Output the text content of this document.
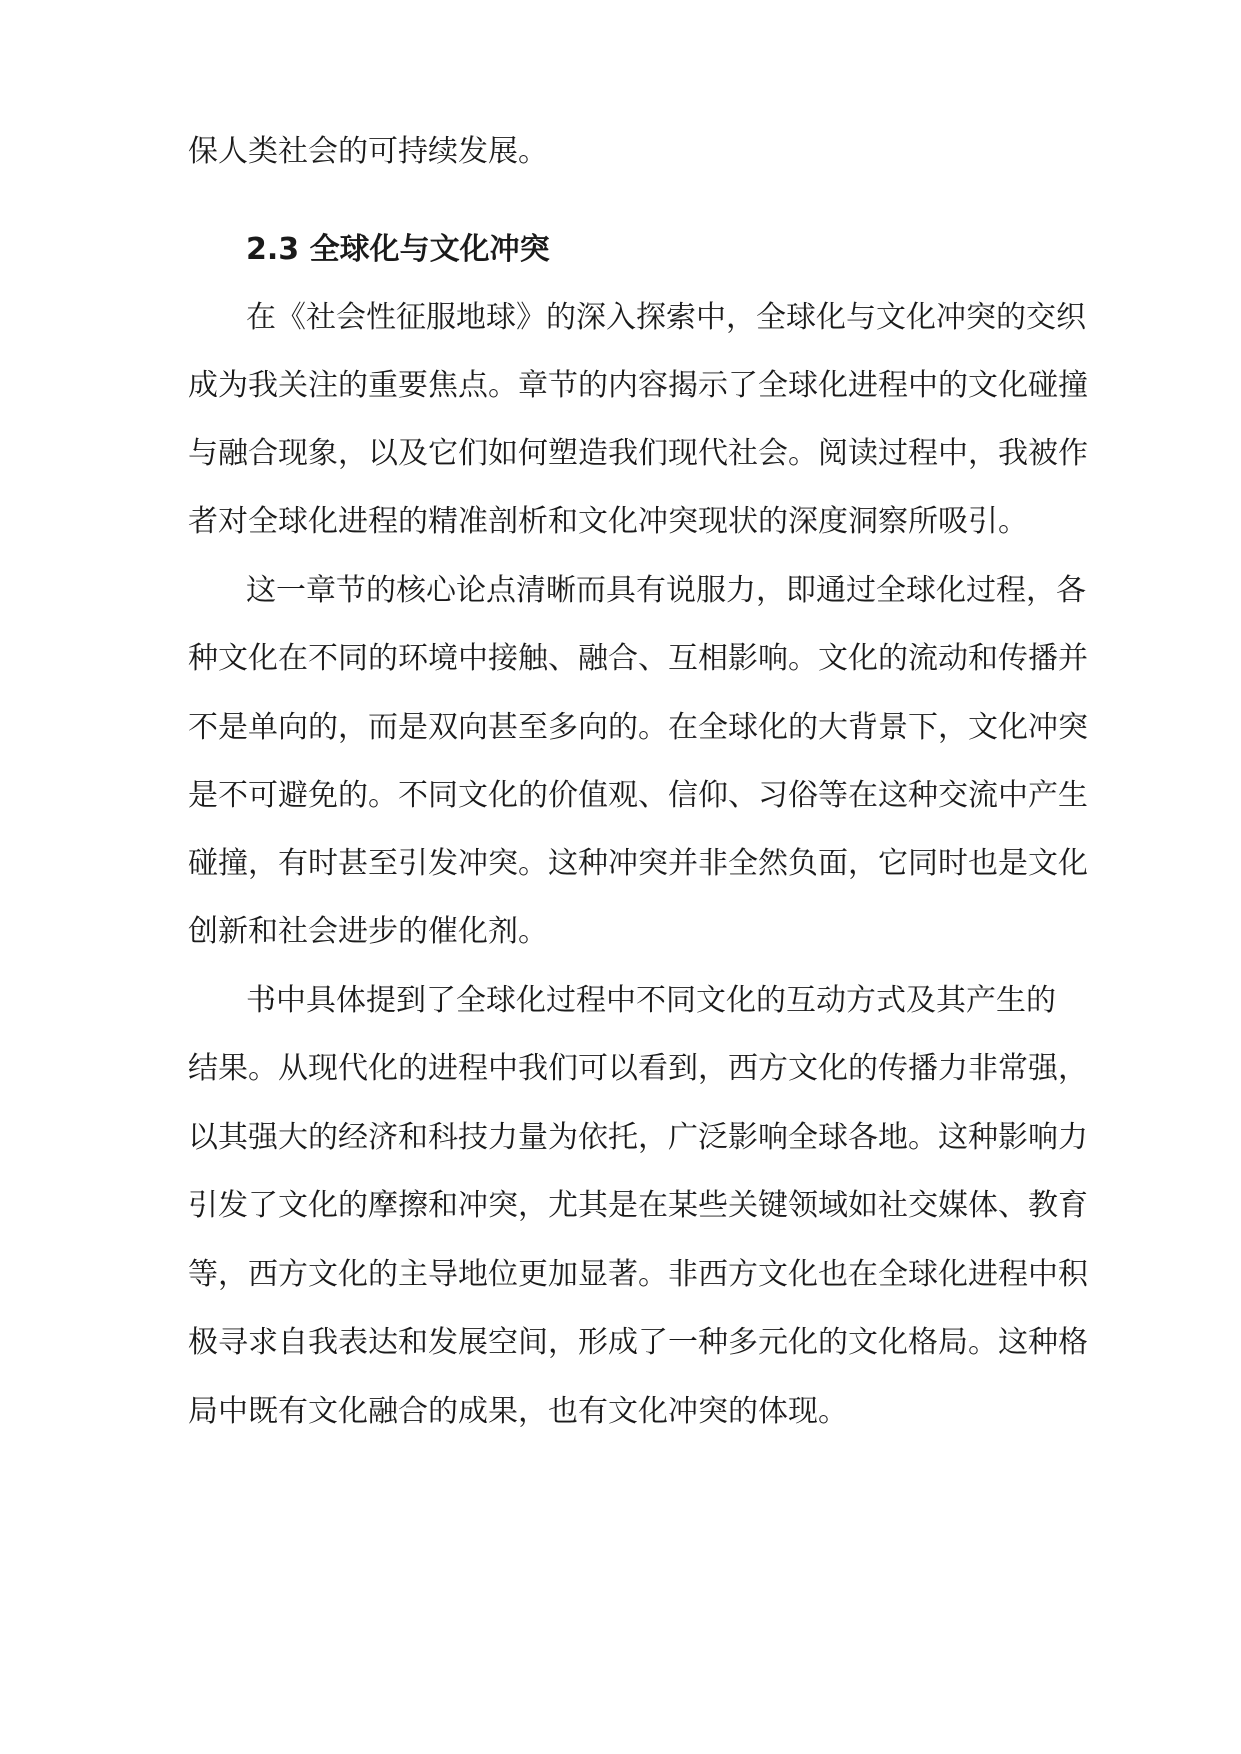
保人类社会的可持续发展。

2.3 全球化与文化冲突

在《社会性征服地球》的深入探索中，全球化与文化冲突的交织

成为我关注的重要焦点。章节的内容揭示了全球化进程中的文化碰撞

与融合现象，以及它们如何塑造我们现代社会。阅读过程中，我被作

者对全球化进程的精准剖析和文化冲突现状的深度洞察所吸引。

这一章节的核心论点清晰而具有说服力，即通过全球化过程，各

种文化在不同的环境中接触、融合、互相影响。文化的流动和传播并

不是单向的，而是双向甚至多向的。在全球化的大背景下，文化冲突

是不可避免的。不同文化的价值观、信仰、习俗等在这种交流中产生

碰撞，有时甚至引发冲突。这种冲突并非全然负面，它同时也是文化

创新和社会进步的催化剂。

书中具体提到了全球化过程中不同文化的互动方式及其产生的

结果。从现代化的进程中我们可以看到，西方文化的传播力非常强，

以其强大的经济和科技力量为依托，广泛影响全球各地。这种影响力

引发了文化的摩擦和冲突，尤其是在某些关键领域如社交媒体、教育

等，西方文化的主导地位更加显著。非西方文化也在全球化进程中积

极寻求自我表达和发展空间，形成了一种多元化的文化格局。这种格

局中既有文化融合的成果，也有文化冲突的体现。
